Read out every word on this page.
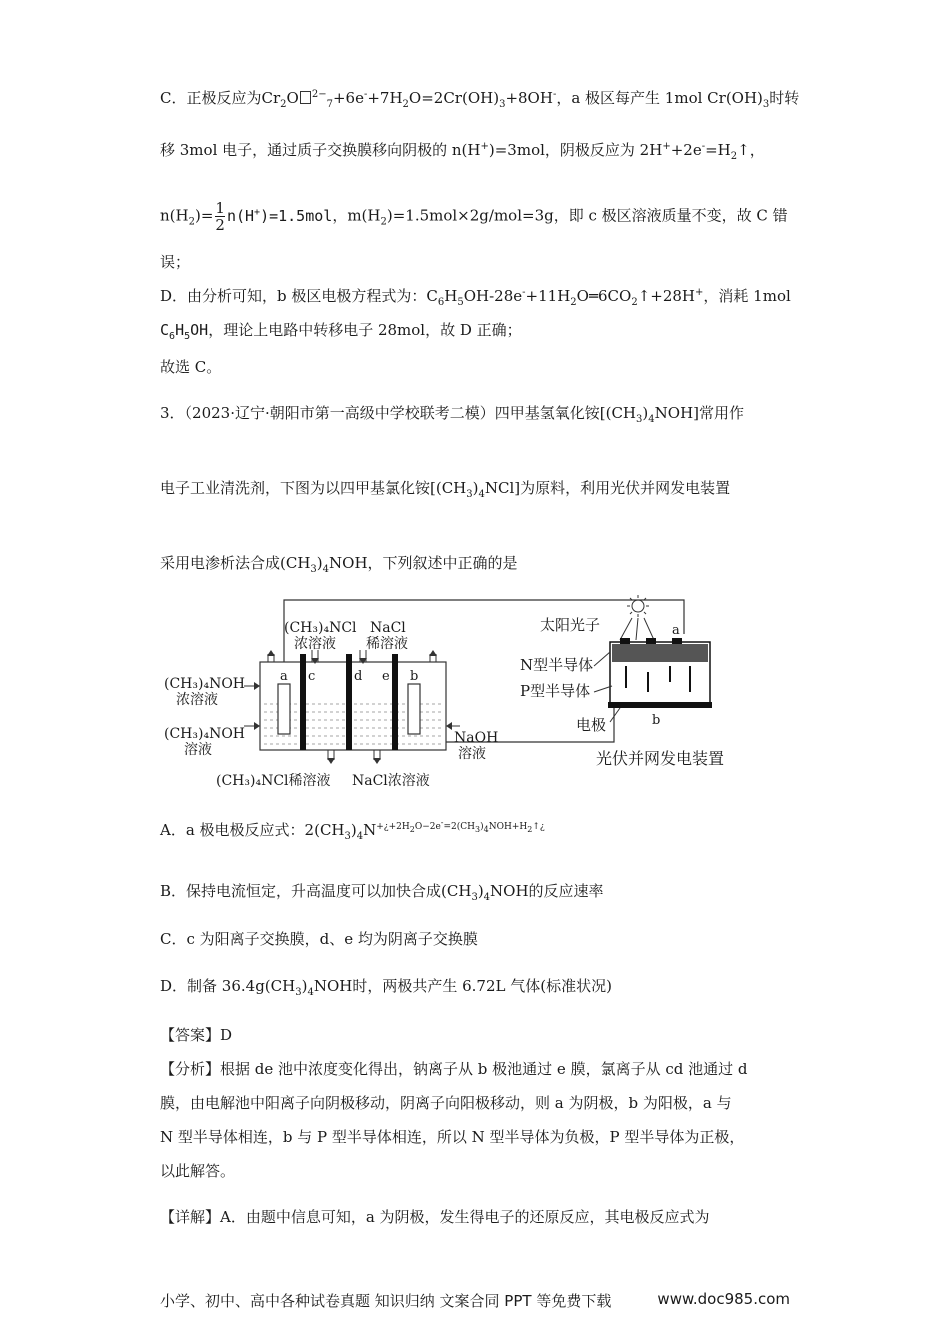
C．正极反应为$Cr_2O$ $^{2-}_7+6e^-+7H_2O=2Cr(OH)_3+8OH^-$，a 极区每产生 1mol $Cr(OH)_3$时转
移 3mol 电子，通过质子交换膜移向阴极的 n(H+)=3mol，阴极反应为 $2H^++2e^-=H_2↑$，
$n(H_2)= \frac{1}{2} n(H^+)=1.5mol$，$m(H_2)=1.5mol\times 2g/mol=3g$，即 c 极区溶液质量不变，故 C 错
误；
D．由分析可知，b 极区电极方程式为：$C_6H_5OH-28e^-+11H_2O═6CO_2↑+28H^+$，消耗 1mol
$C_6H_5OH$，理论上电路中转移电子 28mol，故 D 正确；
故选 C。
3．（2023·辽宁·朝阳市第一高级中学校联考二模）四甲基氢氧化铵$[(CH_3)_4NOH]$常用作
电子工业清洗剂，下图为以四甲基氯化铵$[(CH_3)_4NCl]$为原料，利用光伏并网发电装置
采用电渗析法合成$(CH_3)_4NOH$，下列叙述中正确的是
(CH₃)₄NCl
浓溶液
NaCl
稀溶液
(CH₃)₄NOH
浓溶液
(CH₃)₄NOH
溶液
NaOH
溶液
(CH₃)₄NCl稀溶液 NaCl浓溶液
a c	d e b
太阳光子	a
N型半导体
P型半导体
电极	b
光伏并网发电装置
A．a 极电极反应式：$2(CH_3)_4N^{+¿+2H_2O-2e^-=2(CH_3)_4NOH+H_2↑¿}$
B．保持电流恒定，升高温度可以加快合成$(CH_3)_4NOH$的反应速率
C．c 为阳离子交换膜，d、e 均为阴离子交换膜
D．制备 $36.4g(CH_3)_4NOH$时，两极共产生 6.72L 气体(标准状况)
【答案】D
【分析】根据 de 池中浓度变化得出，钠离子从 b 极池通过 e 膜，氯离子从 cd 池通过 d
膜，由电解池中阳离子向阴极移动，阴离子向阳极移动，则 a 为阴极，b 为阳极，a 与
N 型半导体相连，b 与 P 型半导体相连，所以 N 型半导体为负极，P 型半导体为正极，
以此解答。
【详解】A．由题中信息可知，a 为阴极，发生得电子的还原反应，其电极反应式为
小学、初中、高中各种试卷真题 知识归纳 文案合同 PPT 等免费下载	www.doc985.com
